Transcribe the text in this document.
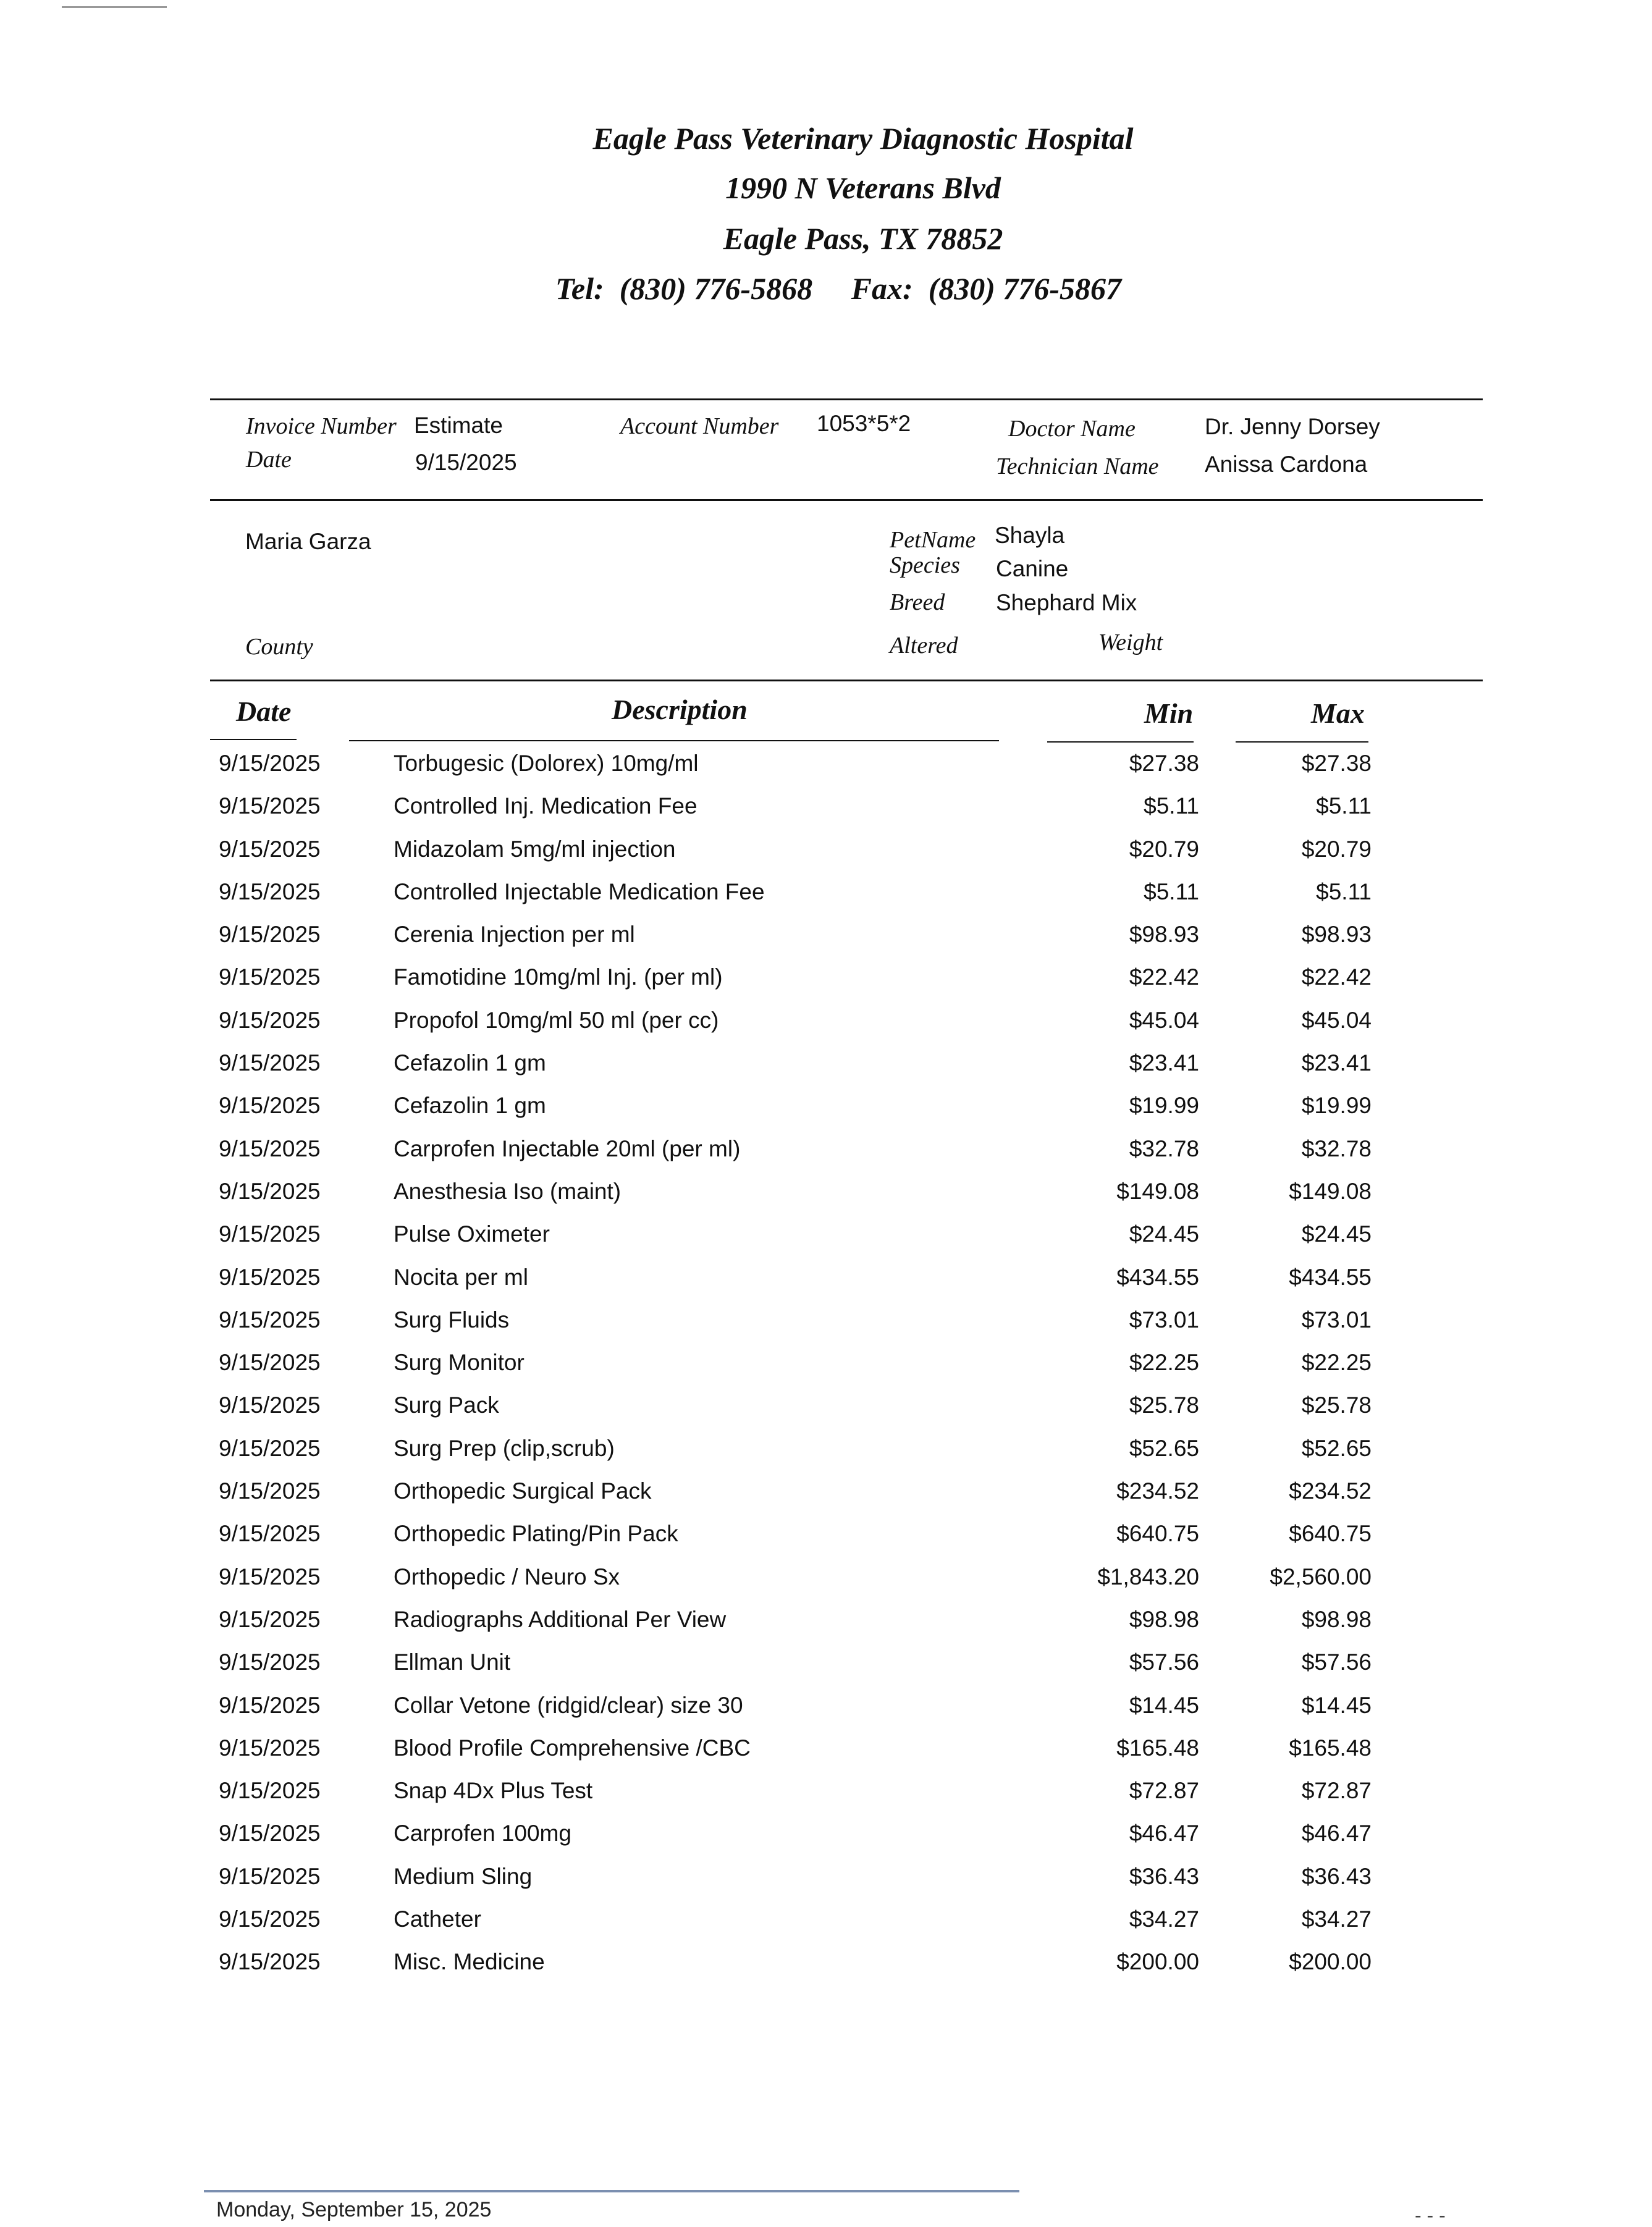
Eagle Pass Veterinary Diagnostic Hospital
1990 N Veterans Blvd
Eagle Pass, TX 78852
Tel: (830) 776-5868 Fax: (830) 776-5867
Invoice Number Estimate
Date	9/15/2025
Account Number 1053*5*2	Doctor Name	Dr. Jenny Dorsey
Technician Name Anissa Cardona
Maria Garza
County
PetName Shayla
Species Canine
Breed Shephard Mix
Altered	Weight
Date	Description	Min	Max
9/15/2025	Torbugesic (Dolorex) 10mg/ml	$27.38	$27.38
9/15/2025	Controlled Inj. Medication Fee	$5.11	$5.11
9/15/2025	Midazolam 5mg/ml injection	$20.79	$20.79
9/15/2025	Controlled Injectable Medication Fee	$5.11	$5.11
9/15/2025	Cerenia Injection per ml	$98.93	$98.93
9/15/2025	Famotidine 10mg/ml Inj. (per ml)	$22.42	$22.42
9/15/2025	Propofol 10mg/ml 50 ml (per cc)	$45.04	$45.04
9/15/2025	Cefazolin 1 gm	$23.41	$23.41
9/15/2025	Cefazolin 1 gm	$19.99	$19.99
9/15/2025	Carprofen Injectable 20ml (per ml)	$32.78	$32.78
9/15/2025	Anesthesia Iso (maint)	$149.08	$149.08
9/15/2025	Pulse Oximeter	$24.45	$24.45
9/15/2025	Nocita per ml	$434.55	$434.55
9/15/2025	Surg Fluids	$73.01	$73.01
9/15/2025	Surg Monitor	$22.25	$22.25
9/15/2025	Surg Pack	$25.78	$25.78
9/15/2025	Surg Prep (clip,scrub)	$52.65	$52.65
9/15/2025	Orthopedic Surgical Pack	$234.52	$234.52
9/15/2025	Orthopedic Plating/Pin Pack	$640.75	$640.75
9/15/2025	Orthopedic / Neuro Sx	$1,843.20	$2,560.00
9/15/2025	Radiographs Additional Per View	$98.98	$98.98
9/15/2025	Ellman Unit	$57.56	$57.56
9/15/2025	Collar Vetone (ridgid/clear) size 30	$14.45	$14.45
9/15/2025	Blood Profile Comprehensive /CBC	$165.48	$165.48
9/15/2025	Snap 4Dx Plus Test	$72.87	$72.87
9/15/2025	Carprofen 100mg	$46.47	$46.47
9/15/2025	Medium Sling	$36.43	$36.43
9/15/2025	Catheter	$34.27	$34.27
9/15/2025	Misc. Medicine	$200.00	$200.00
Monday, September 15, 2025	- - -
